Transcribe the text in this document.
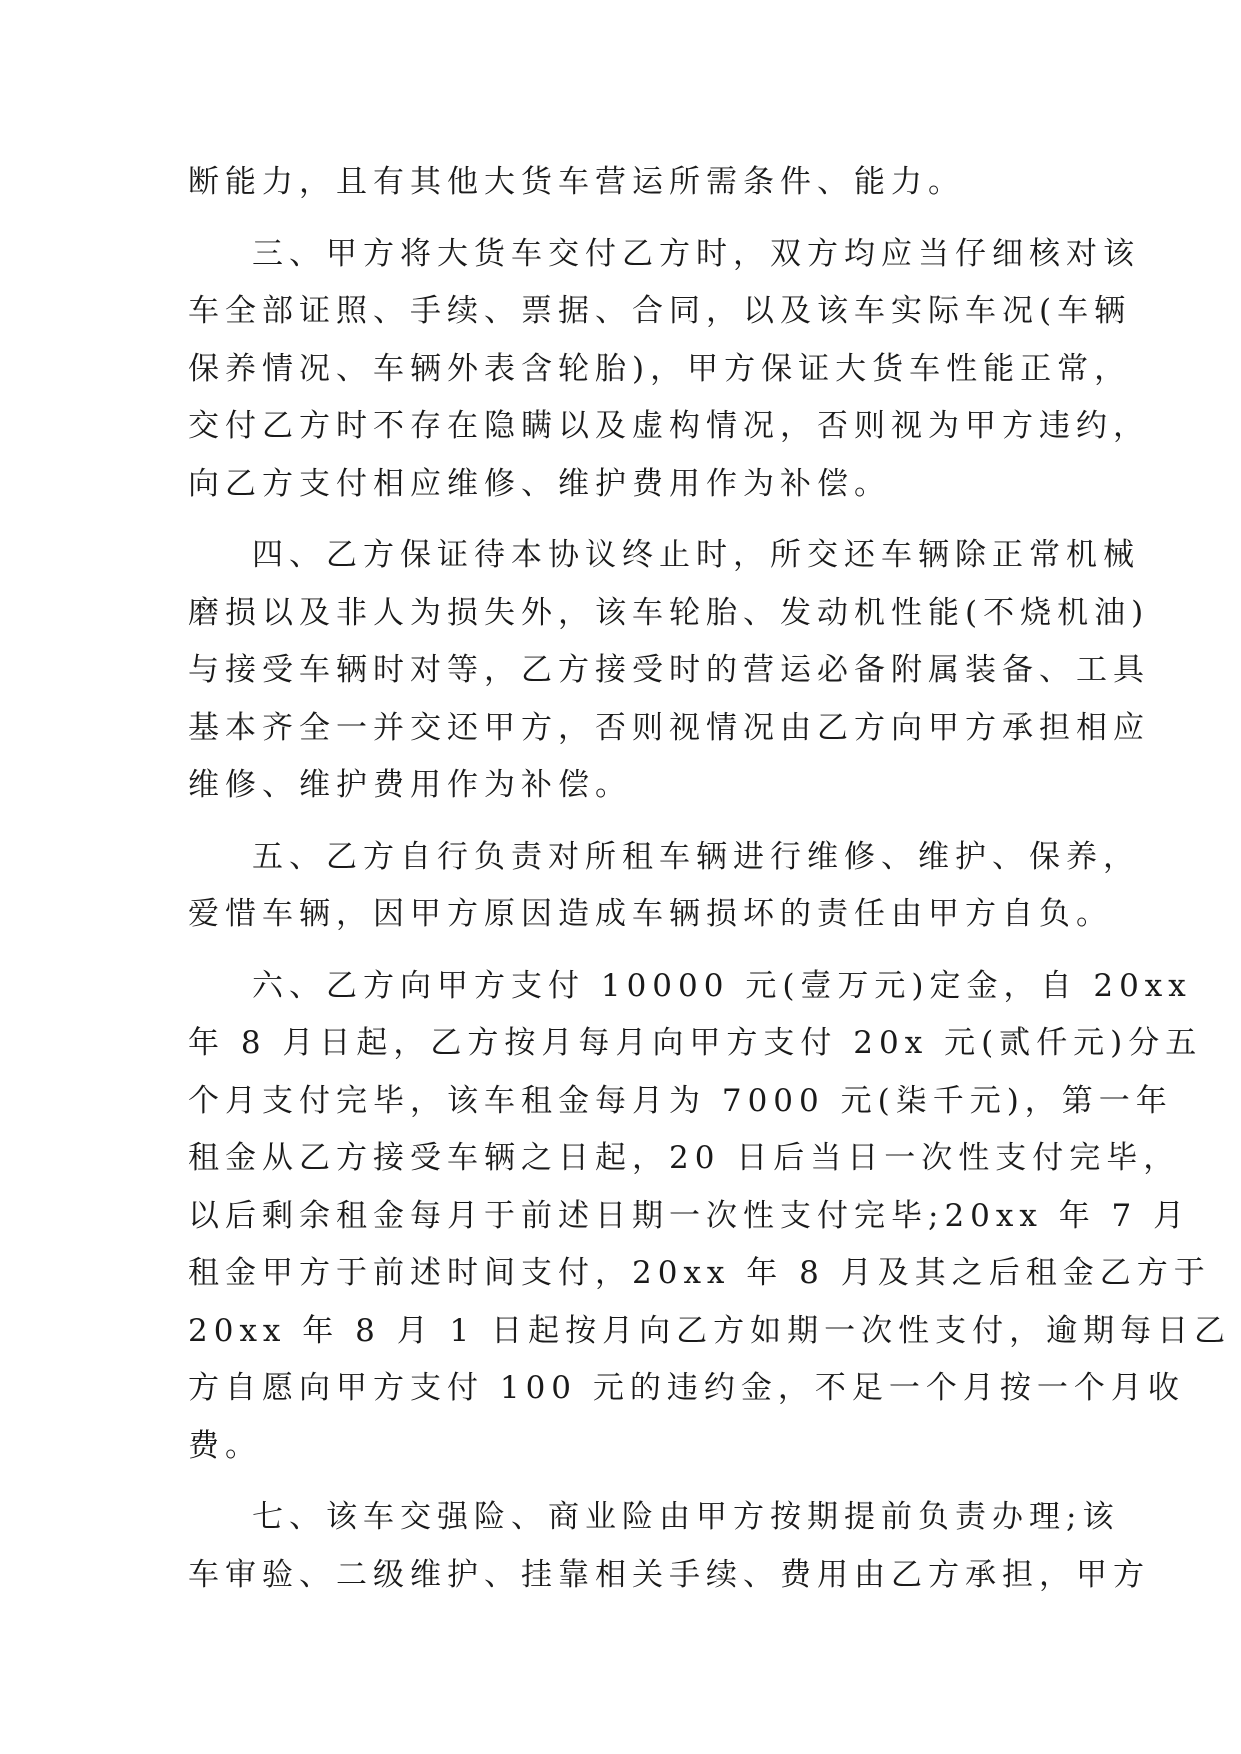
断能力，且有其他大货车营运所需条件、能力。
三、甲方将大货车交付乙方时，双方均应当仔细核对该
车全部证照、手续、票据、合同，以及该车实际车况(车辆
保养情况、车辆外表含轮胎)，甲方保证大货车性能正常，
交付乙方时不存在隐瞒以及虚构情况，否则视为甲方违约，
向乙方支付相应维修、维护费用作为补偿。
四、乙方保证待本协议终止时，所交还车辆除正常机械
磨损以及非人为损失外，该车轮胎、发动机性能(不烧机油)
与接受车辆时对等，乙方接受时的营运必备附属装备、工具
基本齐全一并交还甲方，否则视情况由乙方向甲方承担相应
维修、维护费用作为补偿。
五、乙方自行负责对所租车辆进行维修、维护、保养，
爱惜车辆，因甲方原因造成车辆损坏的责任由甲方自负。
六、乙方向甲方支付 10000 元(壹万元)定金，自 20xx
年 8 月日起，乙方按月每月向甲方支付 20x 元(贰仟元)分五
个月支付完毕，该车租金每月为 7000 元(柒千元)，第一年
租金从乙方接受车辆之日起，20 日后当日一次性支付完毕，
以后剩余租金每月于前述日期一次性支付完毕;20xx 年 7 月
租金甲方于前述时间支付，20xx 年 8 月及其之后租金乙方于
20xx 年 8 月 1 日起按月向乙方如期一次性支付，逾期每日乙
方自愿向甲方支付 100 元的违约金，不足一个月按一个月收
费。
七、该车交强险、商业险由甲方按期提前负责办理;该
车审验、二级维护、挂靠相关手续、费用由乙方承担，甲方
